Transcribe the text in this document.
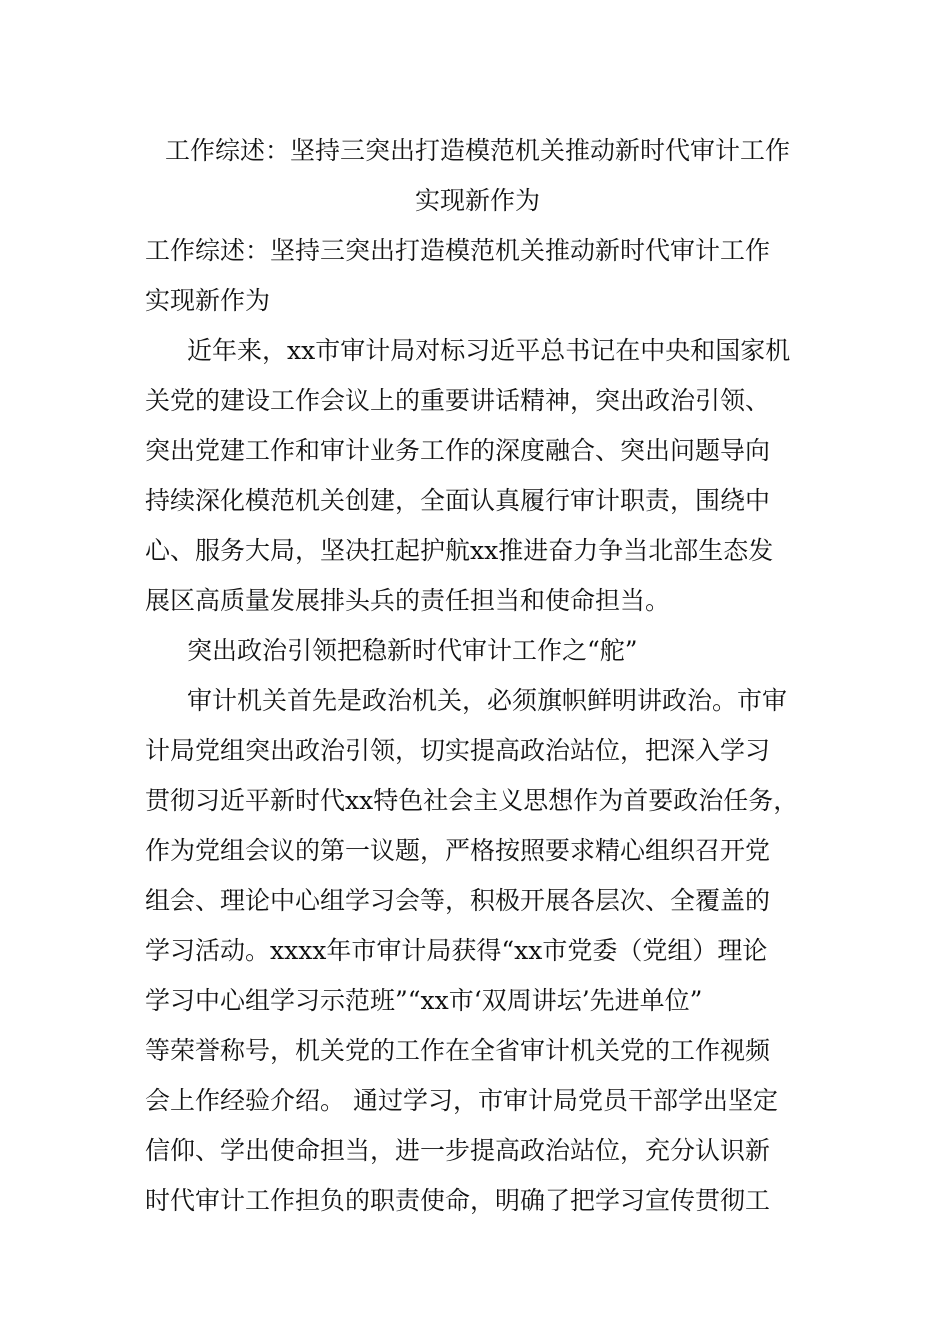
工作综述：坚持三突出打造模范机关推动新时代审计工作
实现新作为
工作综述：坚持三突出打造模范机关推动新时代审计工作
实现新作为
近年来，xx市审计局对标习近平总书记在中央和国家机
关党的建设工作会议上的重要讲话精神，突出政治引领、
突出党建工作和审计业务工作的深度融合、突出问题导向
持续深化模范机关创建，全面认真履行审计职责，围绕中
心、服务大局，坚决扛起护航xx推进奋力争当北部生态发
展区高质量发展排头兵的责任担当和使命担当。
突出政治引领把稳新时代审计工作之“舵”
审计机关首先是政治机关，必须旗帜鲜明讲政治。市审
计局党组突出政治引领，切实提高政治站位，把深入学习
贯彻习近平新时代xx特色社会主义思想作为首要政治任务，
作为党组会议的第一议题，严格按照要求精心组织召开党
组会、理论中心组学习会等，积极开展各层次、全覆盖的
学习活动。xxxx年市审计局获得“xx市党委（党组）理论
学习中心组学习示范班”“xx市‘双周讲坛’先进单位”
等荣誉称号，机关党的工作在全省审计机关党的工作视频
会上作经验介绍。 通过学习，市审计局党员干部学出坚定
信仰、学出使命担当，进一步提高政治站位，充分认识新
时代审计工作担负的职责使命，明确了把学习宣传贯彻工
